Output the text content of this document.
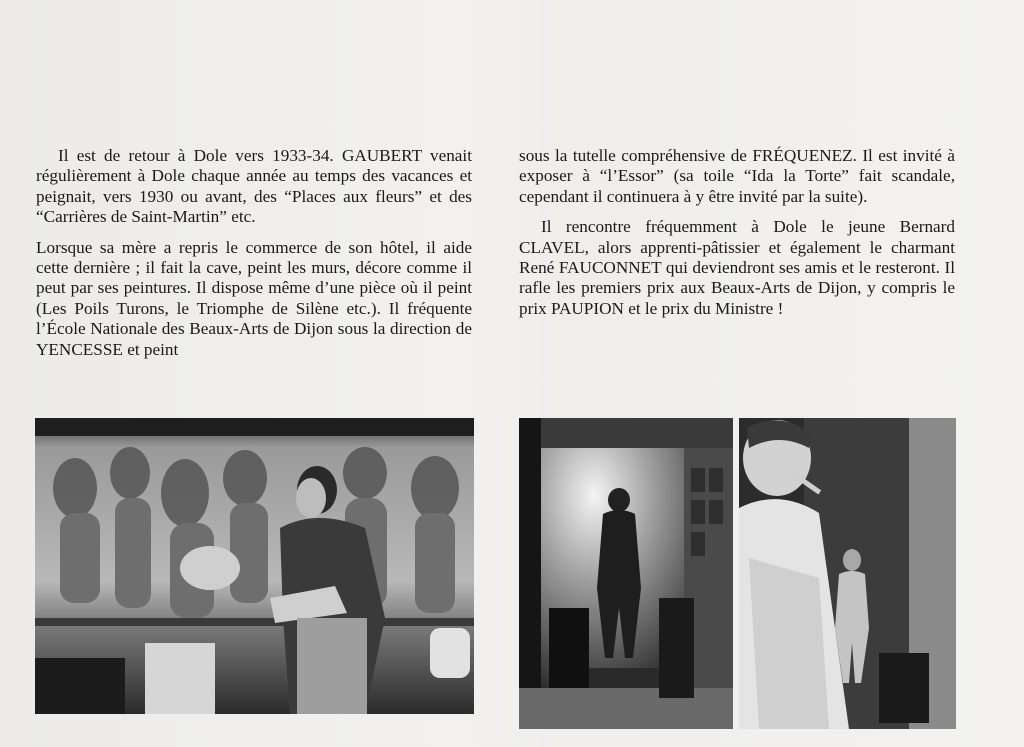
Il est de retour à Dole vers 1933-34. GAUBERT venait régulièrement à Dole chaque année au temps des vacances et peignait, vers 1930 ou avant, des “Places aux fleurs” et des “Carrières de Saint-Martin” etc.

Lorsque sa mère a repris le commerce de son hôtel, il aide cette dernière ; il fait la cave, peint les murs, décore comme il peut par ses peintures. Il dispose même d’une pièce où il peint (Les Poils Turons, le Triomphe de Silène etc.). Il fréquente l’École Nationale des Beaux-Arts de Dijon sous la direction de YENCESSE et peint

sous la tutelle compréhensive de FRÉQUENEZ. Il est invité à exposer à “l’Essor” (sa toile “Ida la Torte” fait scandale, cependant il continuera à y être invité par la suite).

Il rencontre fréquemment à Dole le jeune Bernard CLAVEL, alors apprenti-pâtissier et également le charmant René FAUCONNET qui deviendront ses amis et le resteront. Il rafle les premiers prix aux Beaux-Arts de Dijon, y compris le prix PAUPION et le prix du Ministre !
